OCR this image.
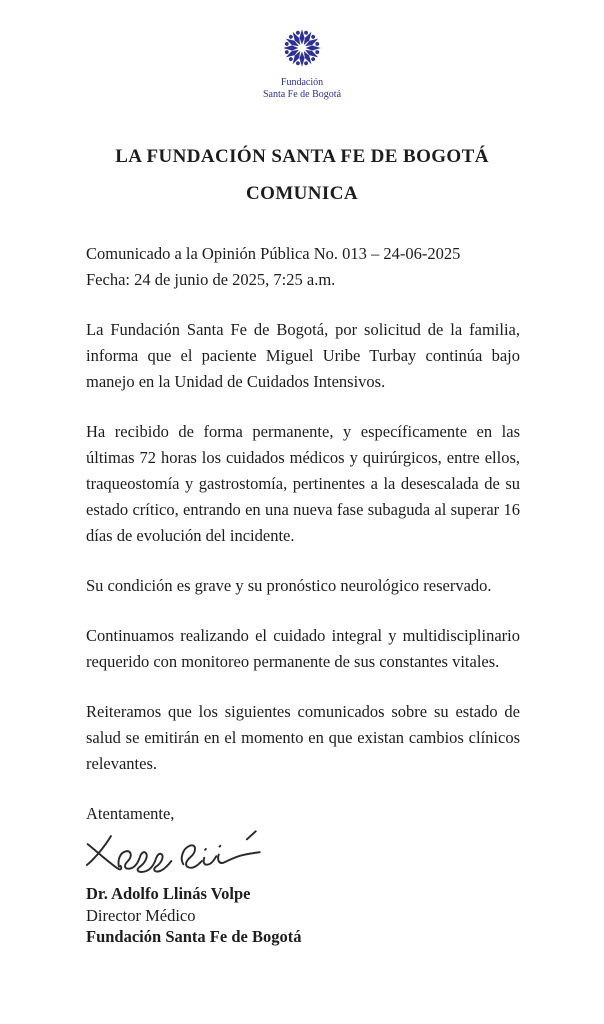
Fundación
Santa Fe de Bogotá
LA FUNDACIÓN SANTA FE DE BOGOTÁ
COMUNICA
Comunicado a la Opinión Pública No. 013 – 24-06-2025
Fecha: 24 de junio de 2025, 7:25 a.m.

La Fundación Santa Fe de Bogotá, por solicitud de la familia, informa que el paciente Miguel Uribe Turbay continúa bajo manejo en la Unidad de Cuidados Intensivos.

Ha recibido de forma permanente, y específicamente en las últimas 72 horas los cuidados médicos y quirúrgicos, entre ellos, traqueostomía y gastrostomía, pertinentes a la desescalada de su estado crítico, entrando en una nueva fase subaguda al superar 16 días de evolución del incidente.

Su condición es grave y su pronóstico neurológico reservado.

Continuamos realizando el cuidado integral y multidisciplinario requerido con monitoreo permanente de sus constantes vitales.

Reiteramos que los siguientes comunicados sobre su estado de salud se emitirán en el momento en que existan cambios clínicos relevantes.

Atentamente,
Dr. Adolfo Llinás Volpe
Director Médico
Fundación Santa Fe de Bogotá
